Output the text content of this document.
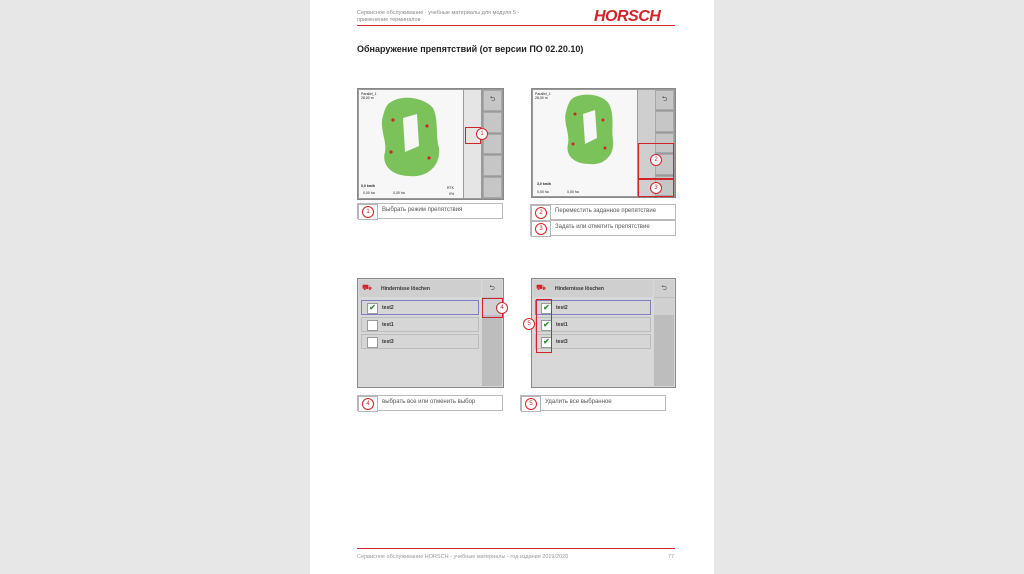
Сервисное обслуживание - учебные материалы для модуля 5 -
применение терминалов	HORSCH
Обнаружение препятствий (от версии ПО 02.20.10)
Parallel_1
28,00 m
0,0 km/h
0,00 ha	0,00 ha
RTK
0%
⮌
1
Parallel_1
28,00 m
3,0 km/h
0,00 ha	0,00 ha
⮌
2
3
1	Выбрать режим препятствия	2	Переместить заданное препятствие
3	Задать или отметить препятствие
Hindernisse löschen
⛟
✔	test2
test1
test3
⮌
4
Hindernisse löschen
⛟
✔	test2
✔	test1
✔	test3
⮌
5
4	выбрать все или отменить выбор	5	Удалить все выбранное
Сервисное обслуживание HORSCH - учебные материалы - год издания 2019/2020	77
